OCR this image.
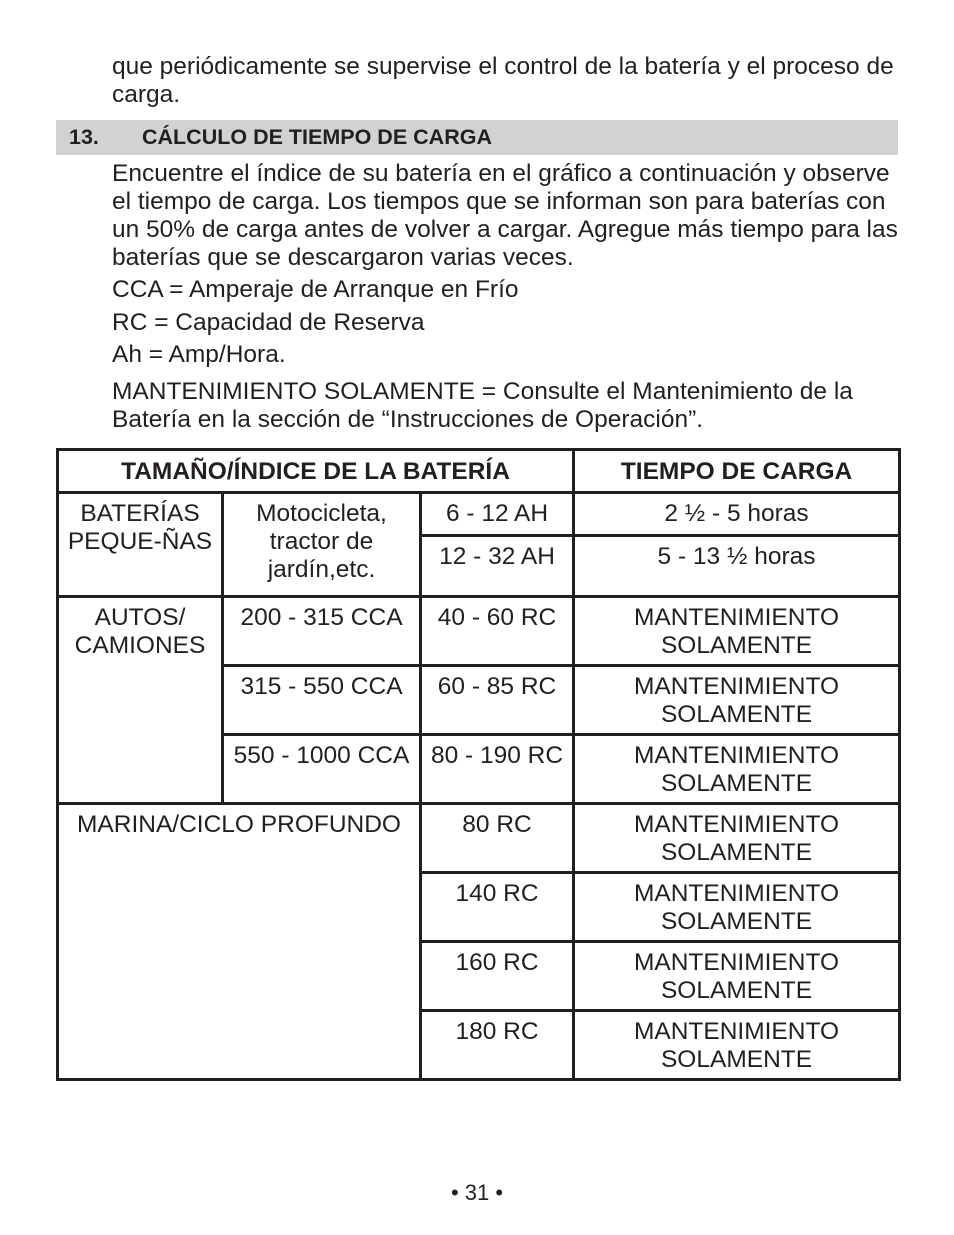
que periódicamente se supervise el control de la batería y el proceso de carga.

13. CÁLCULO DE TIEMPO DE CARGA

Encuentre el índice de su batería en el gráfico a continuación y observe el tiempo de carga. Los tiempos que se informan son para baterías con un 50% de carga antes de volver a cargar. Agregue más tiempo para las baterías que se descargaron varias veces.

CCA = Amperaje de Arranque en Frío

RC = Capacidad de Reserva

Ah = Amp/Hora.

MANTENIMIENTO SOLAMENTE = Consulte el Mantenimiento de la Batería en la sección de “Instrucciones de Operación”.

TAMAÑO/ÍNDICE DE LA BATERÍA			TIEMPO DE CARGA
BATERÍAS PEQUE-ÑAS	Motocicleta, tractor de jardín,etc.	6 - 12 AH	2 ½ - 5 horas
		12 - 32 AH	5 - 13 ½ horas
AUTOS/ CAMIONES	200 - 315 CCA	40 - 60 RC	MANTENIMIENTO SOLAMENTE
	315 - 550 CCA	60 - 85 RC	MANTENIMIENTO SOLAMENTE
	550 - 1000 CCA	80 - 190 RC	MANTENIMIENTO SOLAMENTE
MARINA/CICLO PROFUNDO		80 RC	MANTENIMIENTO SOLAMENTE
		140 RC	MANTENIMIENTO SOLAMENTE
		160 RC	MANTENIMIENTO SOLAMENTE
		180 RC	MANTENIMIENTO SOLAMENTE
• 31 •
